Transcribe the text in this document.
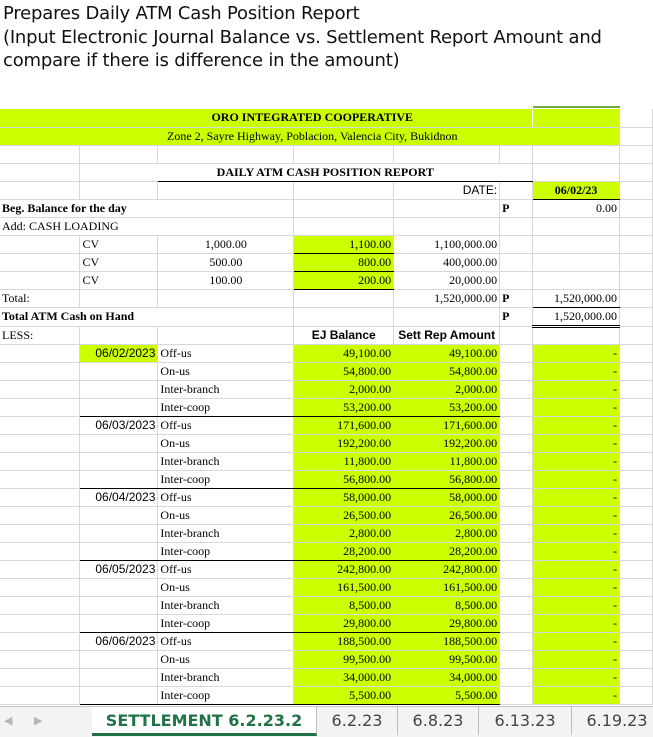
Prepares Daily ATM Cash Position Report
(Input Electronic Journal Balance vs. Settlement Report Amount and
compare if there is difference in the amount)
		ORO INTEGRATED COOPERATIVE					
		Zone 2, Sayre Highway, Poblacion, Valencia City, Bukidnon					

		DAILY ATM CASH POSITION REPORT					
				DATE:		06/02/23	
Beg. Balance for the day					P	0.00	
Add: CASH LOADING							
	CV	1,000.00	1,100.00	1,100,000.00			
	CV	500.00	800.00	400,000.00			
	CV	100.00	200.00	20,000.00			
Total:				1,520,000.00	P	1,520,000.00	
Total ATM Cash on Hand					P	1,520,000.00	
LESS:			EJ Balance	Sett Rep Amount			
	06/02/2023	Off-us	49,100.00	49,100.00		-	
		On-us	54,800.00	54,800.00		-	
		Inter-branch	2,000.00	2,000.00		-	
		Inter-coop	53,200.00	53,200.00		-	
	06/03/2023	Off-us	171,600.00	171,600.00		-	
		On-us	192,200.00	192,200.00		-	
		Inter-branch	11,800.00	11,800.00		-	
		Inter-coop	56,800.00	56,800.00		-	
	06/04/2023	Off-us	58,000.00	58,000.00		-	
		On-us	26,500.00	26,500.00		-	
		Inter-branch	2,800.00	2,800.00		-	
		Inter-coop	28,200.00	28,200.00		-	
	06/05/2023	Off-us	242,800.00	242,800.00		-	
		On-us	161,500.00	161,500.00		-	
		Inter-branch	8,500.00	8,500.00		-	
		Inter-coop	29,800.00	29,800.00		-	
	06/06/2023	Off-us	188,500.00	188,500.00		-	
		On-us	99,500.00	99,500.00		-	
		Inter-branch	34,000.00	34,000.00		-	
		Inter-coop	5,500.00	5,500.00		-	
◀ ▶	SETTLEMENT 6.2.23.2	6.2.23	6.8.23	6.13.23	6.19.23
